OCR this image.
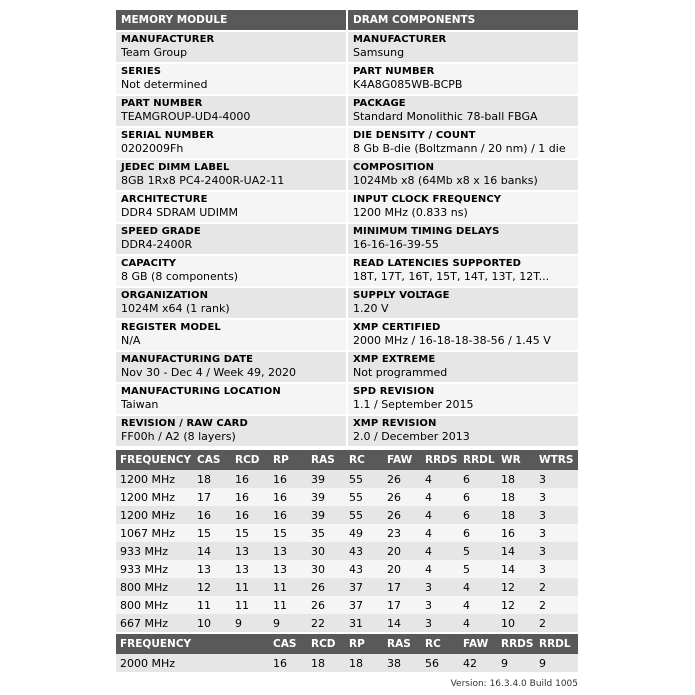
MEMORY MODULE
MANUFACTURER
Team Group
SERIES
Not determined
PART NUMBER
TEAMGROUP-UD4-4000
SERIAL NUMBER
0202009Fh
JEDEC DIMM LABEL
8GB 1Rx8 PC4-2400R-UA2-11
ARCHITECTURE
DDR4 SDRAM UDIMM
SPEED GRADE
DDR4-2400R
CAPACITY
8 GB (8 components)
ORGANIZATION
1024M x64 (1 rank)
REGISTER MODEL
N/A
MANUFACTURING DATE
Nov 30 - Dec 4 / Week 49, 2020
MANUFACTURING LOCATION
Taiwan
REVISION / RAW CARD
FF00h / A2 (8 layers)
DRAM COMPONENTS
MANUFACTURER
Samsung
PART NUMBER
K4A8G085WB-BCPB
PACKAGE
Standard Monolithic 78-ball FBGA
DIE DENSITY / COUNT
8 Gb B-die (Boltzmann / 20 nm) / 1 die
COMPOSITION
1024Mb x8 (64Mb x8 x 16 banks)
INPUT CLOCK FREQUENCY
1200 MHz (0.833 ns)
MINIMUM TIMING DELAYS
16-16-16-39-55
READ LATENCIES SUPPORTED
18T, 17T, 16T, 15T, 14T, 13T, 12T...
SUPPLY VOLTAGE
1.20 V
XMP CERTIFIED
2000 MHz / 16-18-18-38-56 / 1.45 V
XMP EXTREME
Not programmed
SPD REVISION
1.1 / September 2015
XMP REVISION
2.0 / December 2013
FREQUENCY	CAS	RCD	RP	RAS	RC	FAW	RRDS	RRDL	WR	WTRS
1200 MHz	18	16	16	39	55	26	4	6	18	3
1200 MHz	17	16	16	39	55	26	4	6	18	3
1200 MHz	16	16	16	39	55	26	4	6	18	3
1067 MHz	15	15	15	35	49	23	4	6	16	3
933 MHz	14	13	13	30	43	20	4	5	14	3
933 MHz	13	13	13	30	43	20	4	5	14	3
800 MHz	12	11	11	26	37	17	3	4	12	2
800 MHz	11	11	11	26	37	17	3	4	12	2
667 MHz	10	9	9	22	31	14	3	4	10	2
FREQUENCY		CAS	RCD	RP	RAS	RC	FAW	RRDS	RRDL
2000 MHz		16	18	18	38	56	42	9	9
Version: 16.3.4.0 Build 1005
